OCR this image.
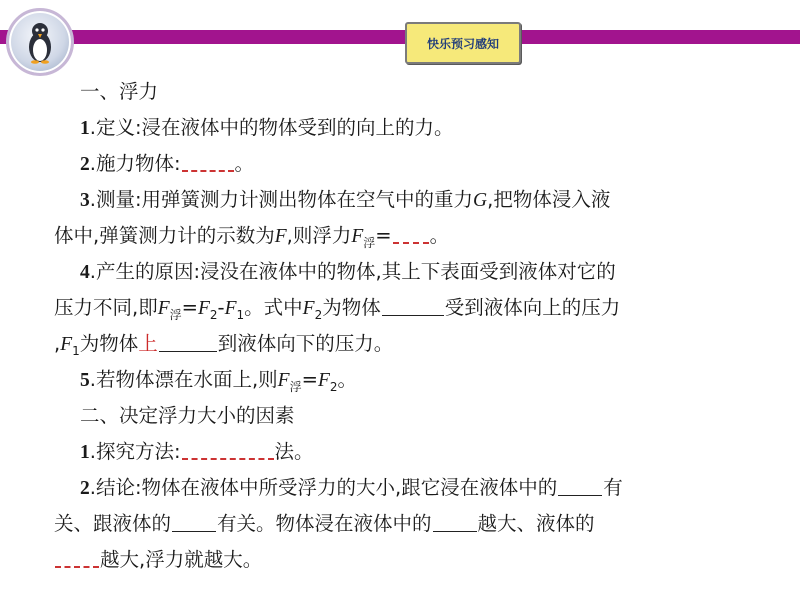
快乐预习感知
一、浮力
1.定义:浸在液体中的物体受到的向上的力。
2.施力物体:	。
3.测量:用弹簧测力计测出物体在空气中的重力G,把物体浸入液
体中,弹簧测力计的示数为F,则浮力$F_浮=$ 。
4.产生的原因:浸没在液体中的物体,其上下表面受到液体对它的
压力不同,即$F_浮=F_2-F_1$。式中$F_2$为物体	受到液体向上的压力
$,F_1$为物体上	到液体向下的压力。
5.若物体漂在水面上,则$F_浮=F_2$。
二、决定浮力大小的因素
1.探究方法:	法。
2.结论:物体在液体中所受浮力的大小,跟它浸在液体中的 有
关、跟液体的 有关。物体浸在液体中的 越大、液体的
越大,浮力就越大。
